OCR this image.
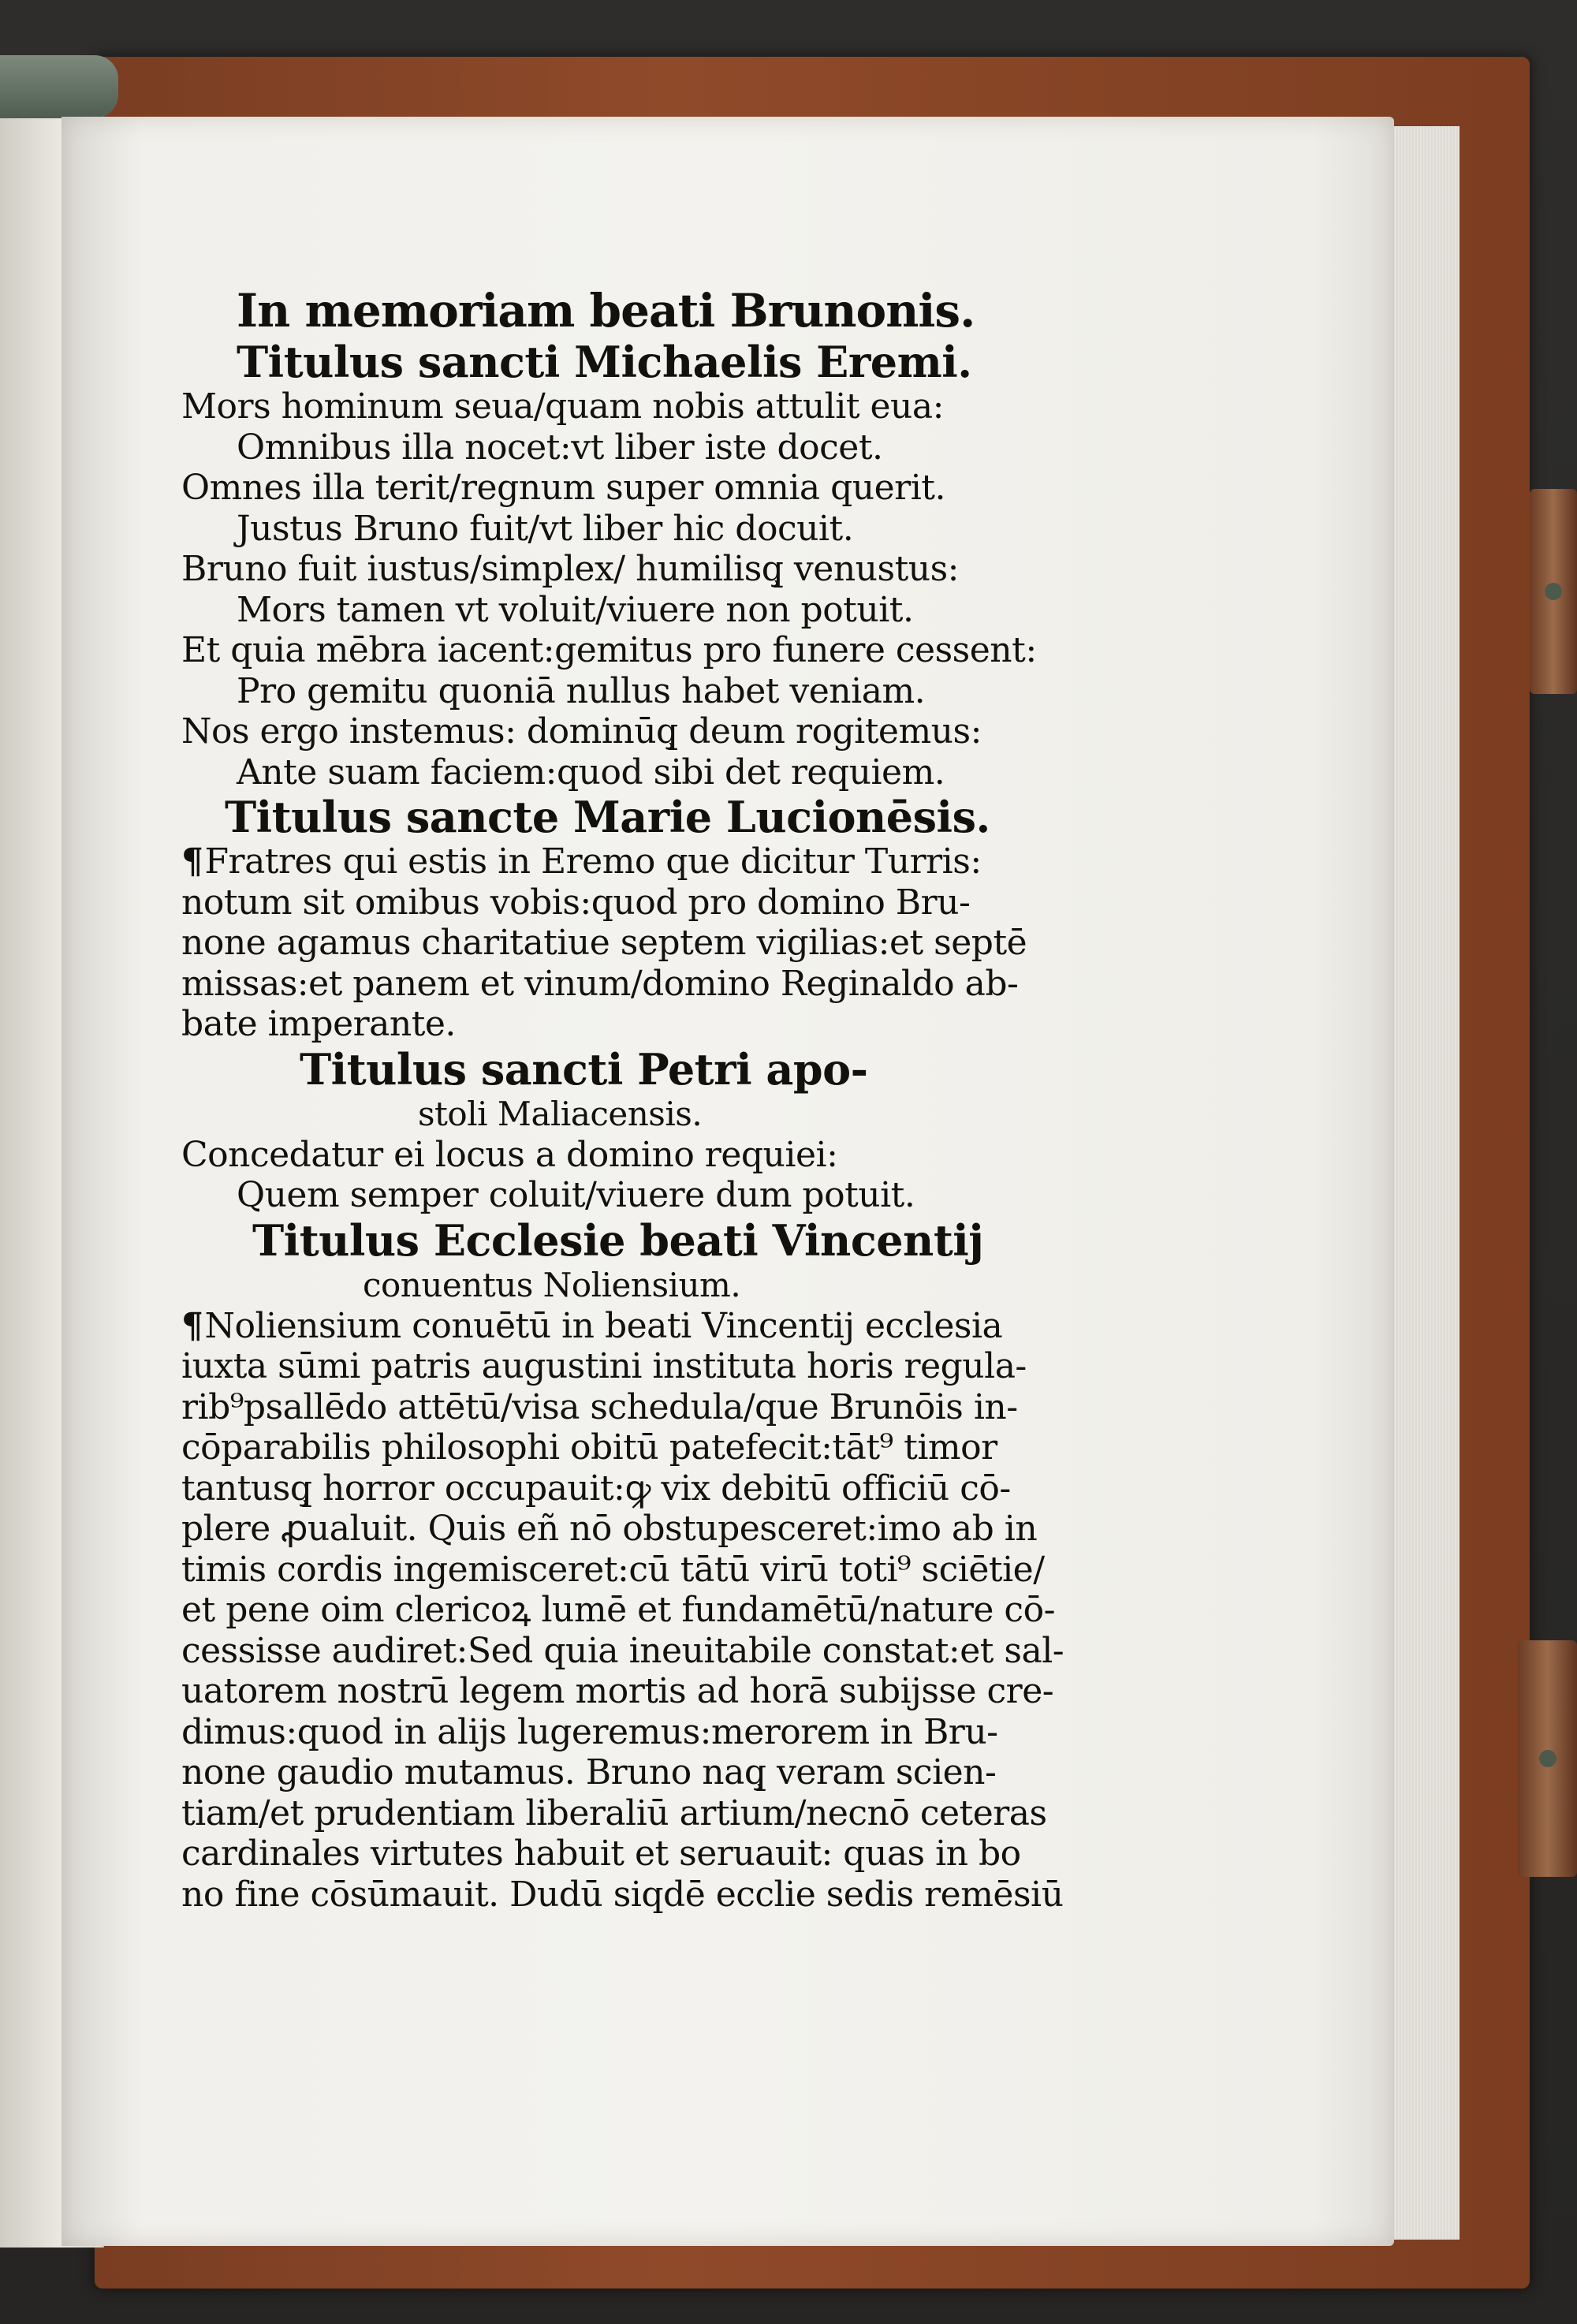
In memoriam beati Brunonis.
Titulus sancti Michaelis Eremi.
Mors hominum seua/quam nobis attulit eua:
Omnibus illa nocet:vt liber iste docet.
Omnes illa terit/regnum super omnia querit.
Justus Bruno fuit/vt liber hic docuit.
Bruno fuit iustus/simplex/ humilisq̧ venustus:
Mors tamen vt voluit/viuere non potuit.
Et quia mēbra iacent:gemitus pro funere cessent:
Pro gemitu quoniā nullus habet veniam.
Nos ergo instemus: dominūq̧ deum rogitemus:
Ante suam faciem:quod sibi det requiem.
Titulus sancte Marie Lucionēsis.
¶ Fratres qui estis in Eremo que dicitur Turris:
notum sit omibus vobis:quod pro domino Bru-
none agamus charitatiue septem vigilias:et septē
missas:et panem et vinum/domino Reginaldo ab-
bate imperante.
Titulus sancti Petri apo-
stoli Maliacensis.
Concedatur ei locus a domino requiei:
Quem semper coluit/viuere dum potuit.
Titulus Ecclesie beati Vincentij
conuentus Noliensium.
¶ Noliensium conuētū in beati Vincentij ecclesia
iuxta sūmi patris augustini instituta horis regula-
rib⁹psallēdo attētū/visa schedula/que Brunōis in-
cōparabilis philosophi obitū patefecit:tāt⁹ timor
tantusq̧ horror occupauit:ꝙ vix debitū officiū cō-
plere ꝓualuit. Quis eñ nō obstupesceret:imo ab in
timis cordis ingemisceret:cū tātū virū toti⁹ sciētie/
et pene oim clericoꝝ lumē et fundamētū/nature cō-
cessisse audiret:Sed quia ineuitabile constat:et sal-
uatorem nostrū legem mortis ad horā subijsse cre-
dimus:quod in alijs lugeremus:merorem in Bru-
none gaudio mutamus. Bruno naq̧ veram scien-
tiam/et prudentiam liberaliū artium/necnō ceteras
cardinales virtutes habuit et seruauit: quas in bo
no fine cōsūmauit. Dudū siqdē ecclie sedis remēsiū
